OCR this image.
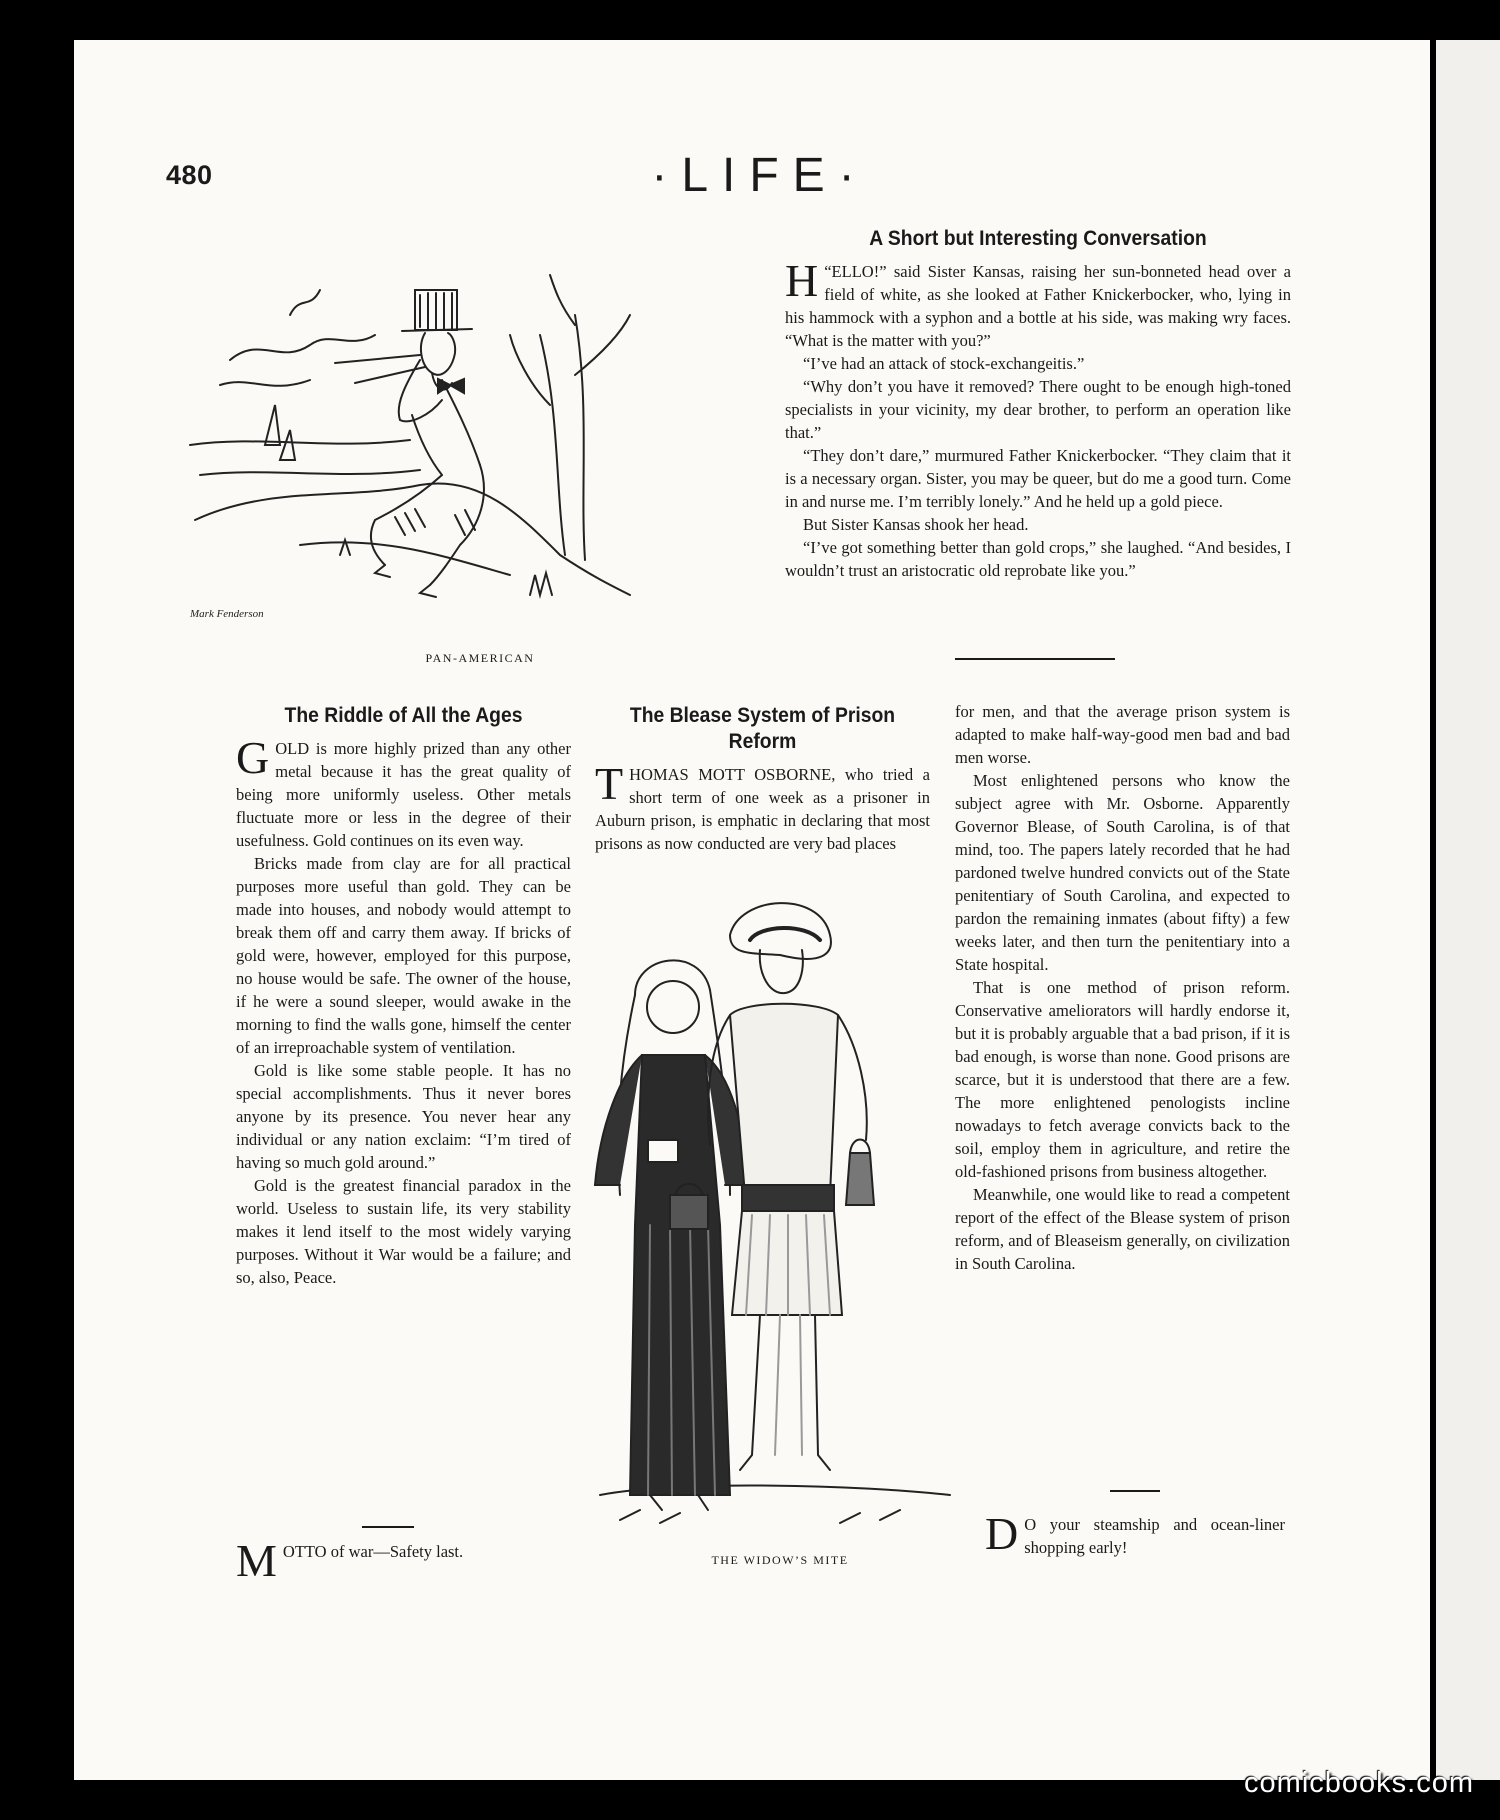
480	·LIFE·
Mark Fenderson
PAN-AMERICAN
A Short but Interesting Conversation

H “ELLO!” said Sister Kansas, raising her sun-bonneted head over a field of white, as she looked at Father Knickerbocker, who, lying in his hammock with a syphon and a bottle at his side, was making wry faces. “What is the matter with you?”

“I’ve had an attack of stock-exchangeitis.”

“Why don’t you have it removed? There ought to be enough high-toned specialists in your vicinity, my dear brother, to perform an operation like that.”

“They don’t dare,” murmured Father Knickerbocker. “They claim that it is a necessary organ. Sister, you may be queer, but do me a good turn. Come in and nurse me. I’m terribly lonely.” And he held up a gold piece.

But Sister Kansas shook her head.

“I’ve got something better than gold crops,” she laughed. “And besides, I wouldn’t trust an aristocratic old reprobate like you.”

The Riddle of All the Ages

GOLD is more highly prized than any other metal because it has the great quality of being more uniformly useless. Other metals fluctuate more or less in the degree of their usefulness. Gold continues on its even way.

Bricks made from clay are for all practical purposes more useful than gold. They can be made into houses, and nobody would attempt to break them off and carry them away. If bricks of gold were, however, employed for this purpose, no house would be safe. The owner of the house, if he were a sound sleeper, would awake in the morning to find the walls gone, himself the center of an irreproachable system of ventilation.

Gold is like some stable people. It has no special accomplishments. Thus it never bores anyone by its presence. You never hear any individual or any nation exclaim: “I’m tired of having so much gold around.”

Gold is the greatest financial paradox in the world. Useless to sustain life, its very stability makes it lend itself to the most widely varying purposes. Without it War would be a failure; and so, also, Peace.

MOTTO of war—Safety last.

The Blease System of Prison Reform

THOMAS MOTT OSBORNE, who tried a short term of one week as a prisoner in Auburn prison, is emphatic in declaring that most prisons as now conducted are very bad places

THE WIDOW’S MITE

for men, and that the average prison system is adapted to make half-way-good men bad and bad men worse.

Most enlightened persons who know the subject agree with Mr. Osborne. Apparently Governor Blease, of South Carolina, is of that mind, too. The papers lately recorded that he had pardoned twelve hundred convicts out of the State penitentiary of South Carolina, and expected to pardon the remaining inmates (about fifty) a few weeks later, and then turn the penitentiary into a State hospital.

That is one method of prison reform. Conservative ameliorators will hardly endorse it, but it is probably arguable that a bad prison, if it is bad enough, is worse than none. Good prisons are scarce, but it is understood that there are a few. The more enlightened penologists incline nowadays to fetch average convicts back to the soil, employ them in agriculture, and retire the old-fashioned prisons from business altogether.

Meanwhile, one would like to read a competent report of the effect of the Blease system of prison reform, and of Bleaseism generally, on civilization in South Carolina.

D O your steamship and ocean-liner shopping early!

comicbooks.com
